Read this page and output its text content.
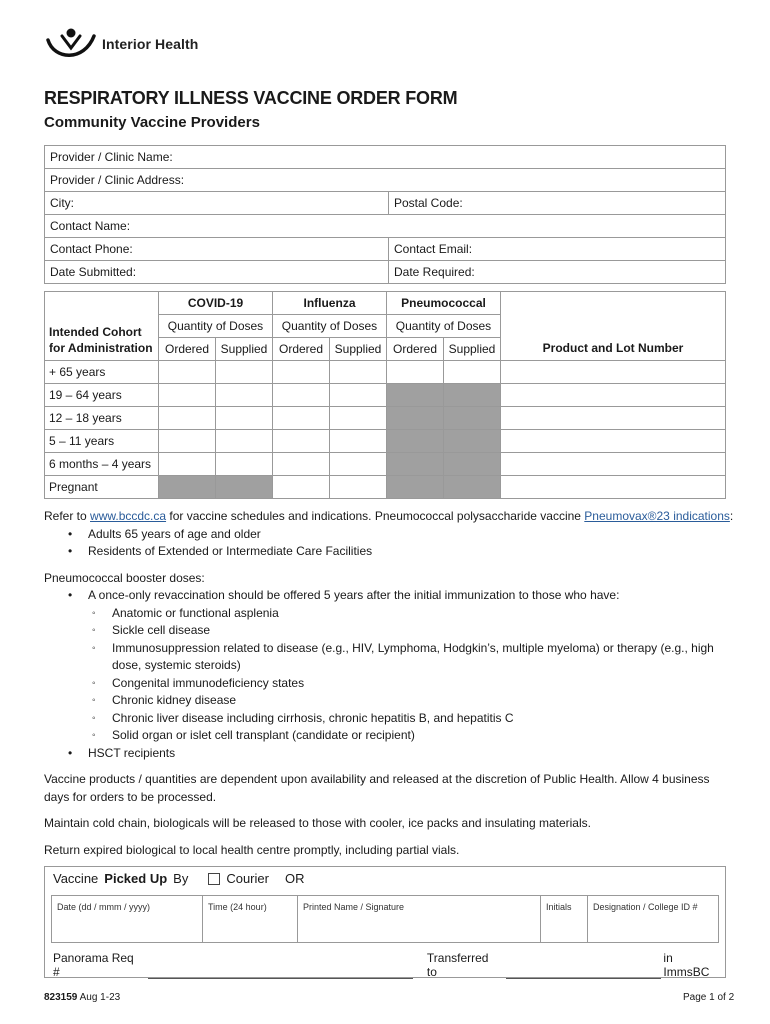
Interior Health
RESPIRATORY ILLNESS VACCINE ORDER FORM
Community Vaccine Providers
Provider / Clinic Name:	
Provider / Clinic Address:	
City:	Postal Code:
Contact Name:	
Contact Phone:	Contact Email:
Date Submitted:	Date Required:
Intended Cohort
for Administration	COVID-19		Influenza		Pneumococcal		Product and Lot Number
	Quantity of Doses		Quantity of Doses		Quantity of Doses		
	Ordered	Supplied	Ordered	Supplied	Ordered	Supplied	
+ 65 years							
19 – 64 years							
12 – 18 years							
5 – 11 years							
6 months – 4 years							
Pregnant							

Refer to www.bccdc.ca for vaccine schedules and indications. Pneumococcal polysaccharide vaccine Pneumovax®23 indications:

• Adults 65 years of age and older
• Residents of Extended or Intermediate Care Facilities

Pneumococcal booster doses:

• A once-only revaccination should be offered 5 years after the initial immunization to those who have:
◦ Anatomic or functional asplenia
◦ Sickle cell disease
◦ Immunosuppression related to disease (e.g., HIV, Lymphoma, Hodgkin’s, multiple myeloma) or therapy (e.g., high dose, systemic steroids)
◦ Congenital immunodeficiency states
◦ Chronic kidney disease
◦ Chronic liver disease including cirrhosis, chronic hepatitis B, and hepatitis C
◦ Solid organ or islet cell transplant (candidate or recipient)
• HSCT recipients

Vaccine products / quantities are dependent upon availability and released at the discretion of Public Health. Allow 4 business days for orders to be processed.

Maintain cold chain, biologicals will be released to those with cooler, ice packs and insulating materials.

Return expired biological to local health centre promptly, including partial vials.

Vaccine Picked Up By	Courier OR
Date (dd / mmm / yyyy)	Time (24 hour)	Printed Name / Signature	Initials	Designation / College ID #
Panorama Req #
Transferred to
in ImmsBC
823159 Aug 1-23	Page 1 of 2
